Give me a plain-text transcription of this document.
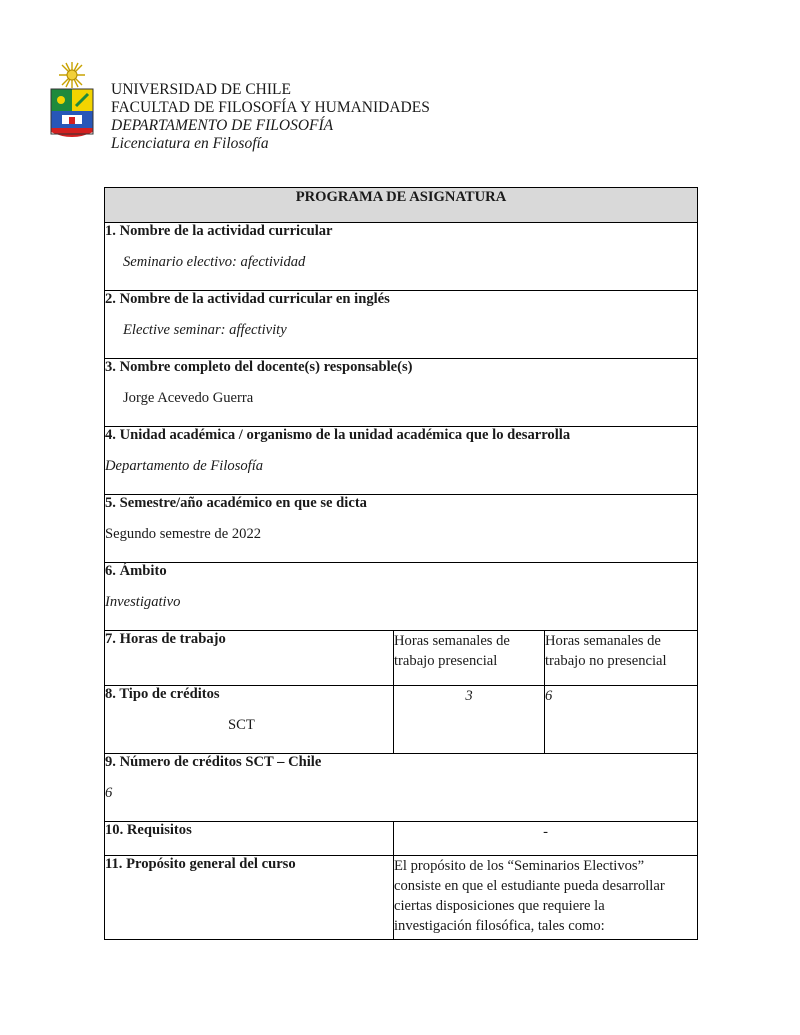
UNIVERSIDAD DE CHILE
FACULTAD DE FILOSOFÍA Y HUMANIDADES
DEPARTAMENTO DE FILOSOFÍA
Licenciatura en Filosofía
PROGRAMA DE ASIGNATURA		

1. Nombre de la actividad curricular
Seminario electivo: afectividad		

2. Nombre de la actividad curricular en inglés
Elective seminar: affectivity		

3. Nombre completo del docente(s) responsable(s)
Jorge Acevedo Guerra		

4. Unidad académica / organismo de la unidad académica que lo desarrolla
Departamento de Filosofía		

5. Semestre/año académico en que se dicta
Segundo semestre de 2022		

6. Ámbito
Investigativo		

7. Horas de trabajo	Horas semanales de trabajo presencial	Horas semanales de trabajo no presencial

8. Tipo de créditos
SCT	3	6

9. Número de créditos SCT – Chile
6		

10. Requisitos	-	

11. Propósito general del curso	El propósito de los “Seminarios Electivos” consiste en que el estudiante pueda desarrollar ciertas disposiciones que requiere la investigación filosófica, tales como:	
